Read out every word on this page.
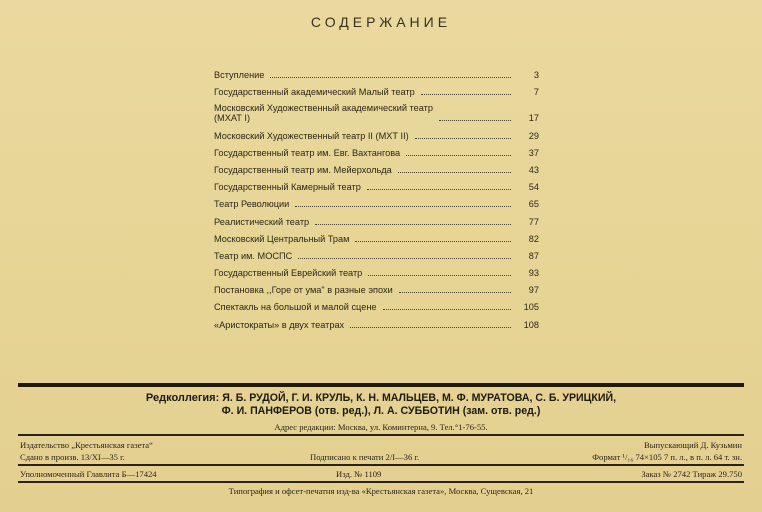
СОДЕРЖАНИЕ
Вступление	3
Государственный академический Малый театр	7
Московский Художественный академический театр
(МХАТ I)	17
Московский Художественный театр II (МХТ II)	29
Государственный театр им. Евг. Вахтангова	37
Государственный театр им. Мейерхольда	43
Государственный Камерный театр	54
Театр Революции	65
Реалистический театр	77
Московский Центральный Трам	82
Театр им. МОСПС	87
Государственный Еврейский театр	93
Постановка ,,Горе от ума" в разные эпохи	97
Спектакль на большой и малой сцене	105
«Аристократы» в двух театрах	108
Редколлегия: Я. Б. РУДОЙ, Г. И. КРУЛЬ, К. Н. МАЛЬЦЕВ, М. Ф. МУРАТОВА, С. Б. УРИЦКИЙ,
Ф. И. ПАНФЕРОВ (отв. ред.), Л. А. СУББОТИН (зам. отв. ред.)
Адрес редакции: Москва, ул. Коминтерна, 9. Тел.°1-76-55.
Издательство „Крестьянская газета“	Выпускающий Д. Кузьмин
Сдано в произв. 13/XI—35 г.	Подписано к печати 2/I—36 г.	Формат ¹/₁₆ 74×105 7 п. л., в п. л. 64 т. зн.
Уполномоченный Главлита Б—17424	Изд. № 1109	Заказ № 2742 Тираж 29.750
Типография и офсет-печатня изд-ва «Крестьянская газета», Москва, Сущевская, 21
